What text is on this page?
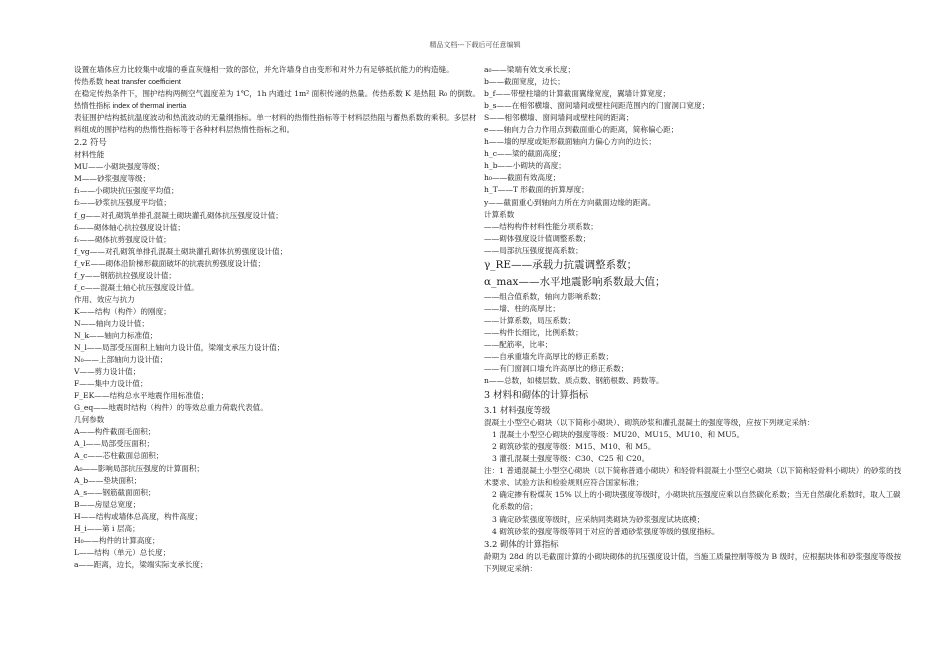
精品文档---下载后可任意编辑
设置在墙体应力比较集中或墙的垂直灰缝相一致的部位，并允许墙身自由变形和对外力有足够抵抗能力的构造缝。
传热系数 heat transfer coefficient
在稳定传热条件下，围护结构两侧空气温度差为 1℃，1h 内通过 1m² 面积传递的热量。传热系数 K 是热阻 R₀ 的倒数。
热惰性指标 index of thermal inertia
表征围护结构抵抗温度波动和热流波动的无量纲指标。单一材料的热惰性指标等于材料层热阻与蓄热系数的乘积。多层材料组成的围护结构的热惰性指标等于各种材料层热惰性指标之和。
2.2 符号
材料性能
MU——小砌块强度等级；
M——砂浆强度等级；
f₁——小砌块抗压强度平均值；
f₂——砂浆抗压强度平均值；
f_g——对孔砌筑单排孔混凝土砌块灌孔砌体抗压强度设计值；
fₜ——砌体轴心抗拉强度设计值；
fᵥ——砌体抗剪强度设计值；
f_vg——对孔砌筑单排孔混凝土砌块灌孔砌体抗剪强度设计值；
f_vE——砌体沿阶梯形截面破坏的抗震抗剪强度设计值；
f_y——钢筋抗拉强度设计值；
f_c——混凝土轴心抗压强度设计值。
作用、效应与抗力
K——结构（构件）的刚度；
N——轴向力设计值；
N_k——轴向力标准值；
N_l——局部受压面积上轴向力设计值，梁端支承压力设计值；
N₀——上部轴向力设计值；
V——剪力设计值；
F——集中力设计值；
F_EK——结构总水平地震作用标准值；
G_eq——地震时结构（构件）的等效总重力荷载代表值。
几何参数
A——构件截面毛面积；
A_l——局部受压面积；
A_c——芯柱截面总面积；
A₀——影响局部抗压强度的计算面积；
A_b——垫块面积；
A_s——钢筋截面面积；
B——房屋总宽度；
H——结构或墙体总高度，构件高度；
H_i——第 i 层高；
H₀——构件的计算高度；
L——结构（单元）总长度；
a——距离，边长，梁端实际支承长度；
a₀——梁端有效支承长度；
b——截面宽度，边长；
b_f——带壁柱墙的计算截面翼缘宽度，翼墙计算宽度；
b_s——在相邻横墙、窗间墙间或壁柱间距范围内的门窗洞口宽度；
S——相邻横墙、窗间墙间或壁柱间的距离；
e——轴向力合力作用点到截面重心的距离，简称偏心距；
h——墙的厚度或矩形截面轴向力偏心方向的边长；
h_c——梁的截面高度；
h_b——小砌块的高度；
h₀——截面有效高度；
h_T——T 形截面的折算厚度；
y——截面重心到轴向力所在方向截面边缘的距离。
计算系数
——结构构件材料性能分项系数；
——砌体强度设计值调整系数；
——局部抗压强度提高系数；
γ_RE——承载力抗震调整系数；
α_max——水平地震影响系数最大值；
——组合值系数，轴向力影响系数；
——墙、柱的高厚比；
——计算系数，局压系数；
——构件长细比，比例系数；
——配筋率，比率；
——自承重墙允许高厚比的修正系数；
——有门窗洞口墙允许高厚比的修正系数；
n——总数，如楼层数、质点数、钢筋根数、跨数等。
3 材料和砌体的计算指标
3.1 材料强度等级
混凝土小型空心砌块（以下简称小砌块）、砌筑砂浆和灌孔混凝土的强度等级，应按下列规定采纳：
1 混凝土小型空心砌块的强度等级：MU20、MU15、MU10、和 MU5。
2 砌筑砂浆的强度等级：M15、M10、和 M5。
3 灌孔混凝土强度等级：C30、C25 和 C20。
注：1 普通混凝土小型空心砌块（以下简称普通小砌块）和轻骨料混凝土小型空心砌块（以下简称轻骨料小砌块）的砂浆的技术要求、试验方法和检验规则应符合国家标准；
2 确定掺有粉煤灰 15% 以上的小砌块强度等级时，小砌块抗压强度应乘以自然碳化系数；当无自然碳化系数时，取人工碳化系数的倍；
3 确定砂浆强度等级时，应采纳同类砌块为砂浆强度试块底模；
4 砌筑砂浆的强度等级等同于对应的普通砂浆强度等级的强度指标。
3.2 砌体的计算指标
龄期为 28d 的以毛截面计算的小砌块砌体的抗压强度设计值，当施工质量控制等级为 B 级时，应根据块体和砂浆强度等级按下列规定采纳：
